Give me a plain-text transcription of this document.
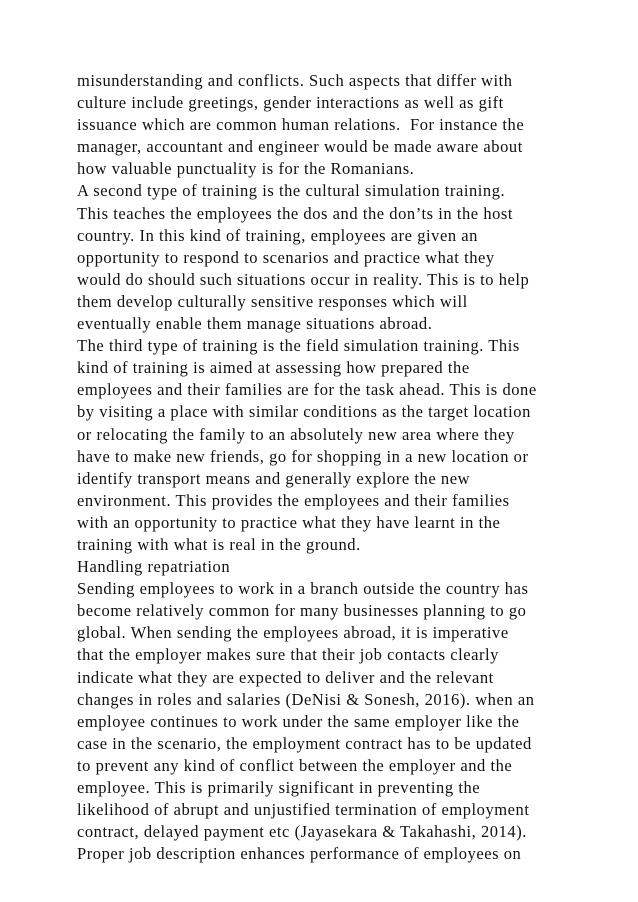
misunderstanding and conflicts. Such aspects that differ with
culture include greetings, gender interactions as well as gift
issuance which are common human relations.  For instance the
manager, accountant and engineer would be made aware about
how valuable punctuality is for the Romanians.
A second type of training is the cultural simulation training.
This teaches the employees the dos and the don’ts in the host
country. In this kind of training, employees are given an
opportunity to respond to scenarios and practice what they
would do should such situations occur in reality. This is to help
them develop culturally sensitive responses which will
eventually enable them manage situations abroad.
The third type of training is the field simulation training. This
kind of training is aimed at assessing how prepared the
employees and their families are for the task ahead. This is done
by visiting a place with similar conditions as the target location
or relocating the family to an absolutely new area where they
have to make new friends, go for shopping in a new location or
identify transport means and generally explore the new
environment. This provides the employees and their families
with an opportunity to practice what they have learnt in the
training with what is real in the ground.
Handling repatriation
Sending employees to work in a branch outside the country has
become relatively common for many businesses planning to go
global. When sending the employees abroad, it is imperative
that the employer makes sure that their job contacts clearly
indicate what they are expected to deliver and the relevant
changes in roles and salaries (DeNisi & Sonesh, 2016). when an
employee continues to work under the same employer like the
case in the scenario, the employment contract has to be updated
to prevent any kind of conflict between the employer and the
employee. This is primarily significant in preventing the
likelihood of abrupt and unjustified termination of employment
contract, delayed payment etc (Jayasekara & Takahashi, 2014).
Proper job description enhances performance of employees on
